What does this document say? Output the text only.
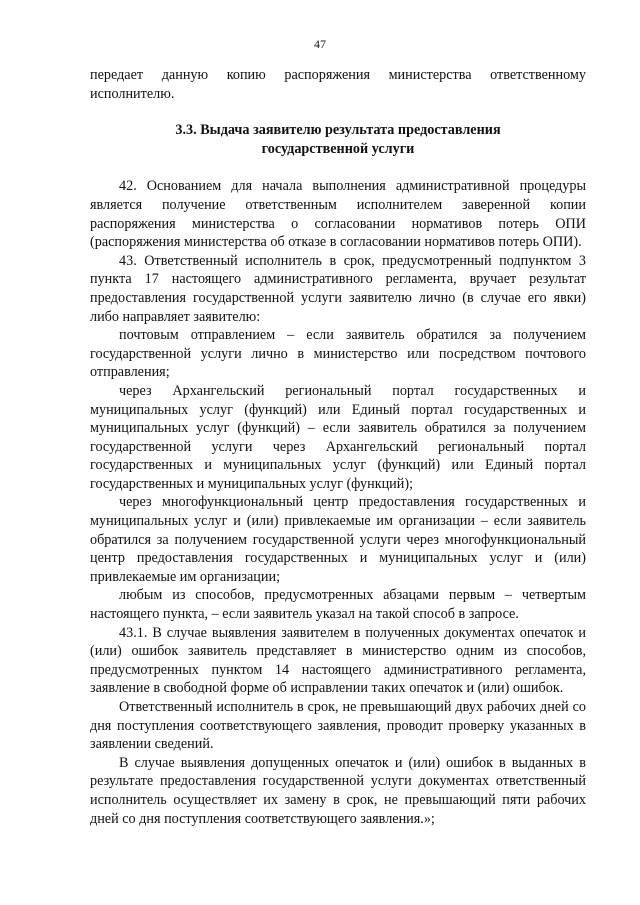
47

передает данную копию распоряжения министерства ответственному исполнителю.

3.3. Выдача заявителю результата предоставления
государственной услуги

42. Основанием для начала выполнения административной процедуры является получение ответственным исполнителем заверенной копии распоряжения министерства о согласовании нормативов потерь ОПИ (распоряжения министерства об отказе в согласовании нормативов потерь ОПИ).

43. Ответственный исполнитель в срок, предусмотренный подпунктом 3 пункта 17 настоящего административного регламента, вручает результат предоставления государственной услуги заявителю лично (в случае его явки) либо направляет заявителю:

почтовым отправлением – если заявитель обратился за получением государственной услуги лично в министерство или посредством почтового отправления;

через Архангельский региональный портал государственных и муниципальных услуг (функций) или Единый портал государственных и муниципальных услуг (функций) – если заявитель обратился за получением государственной услуги через Архангельский региональный портал государственных и муниципальных услуг (функций) или Единый портал государственных и муниципальных услуг (функций);

через многофункциональный центр предоставления государственных и муниципальных услуг и (или) привлекаемые им организации – если заявитель обратился за получением государственной услуги через многофункциональный центр предоставления государственных и муниципальных услуг и (или) привлекаемые им организации;

любым из способов, предусмотренных абзацами первым – четвертым настоящего пункта, – если заявитель указал на такой способ в запросе.

43.1. В случае выявления заявителем в полученных документах опечаток и (или) ошибок заявитель представляет в министерство одним из способов, предусмотренных пунктом 14 настоящего административного регламента, заявление в свободной форме об исправлении таких опечаток и (или) ошибок.

Ответственный исполнитель в срок, не превышающий двух рабочих дней со дня поступления соответствующего заявления, проводит проверку указанных в заявлении сведений.

В случае выявления допущенных опечаток и (или) ошибок в выданных в результате предоставления государственной услуги документах ответственный исполнитель осуществляет их замену в срок, не превышающий пяти рабочих дней со дня поступления соответствующего заявления.»;
